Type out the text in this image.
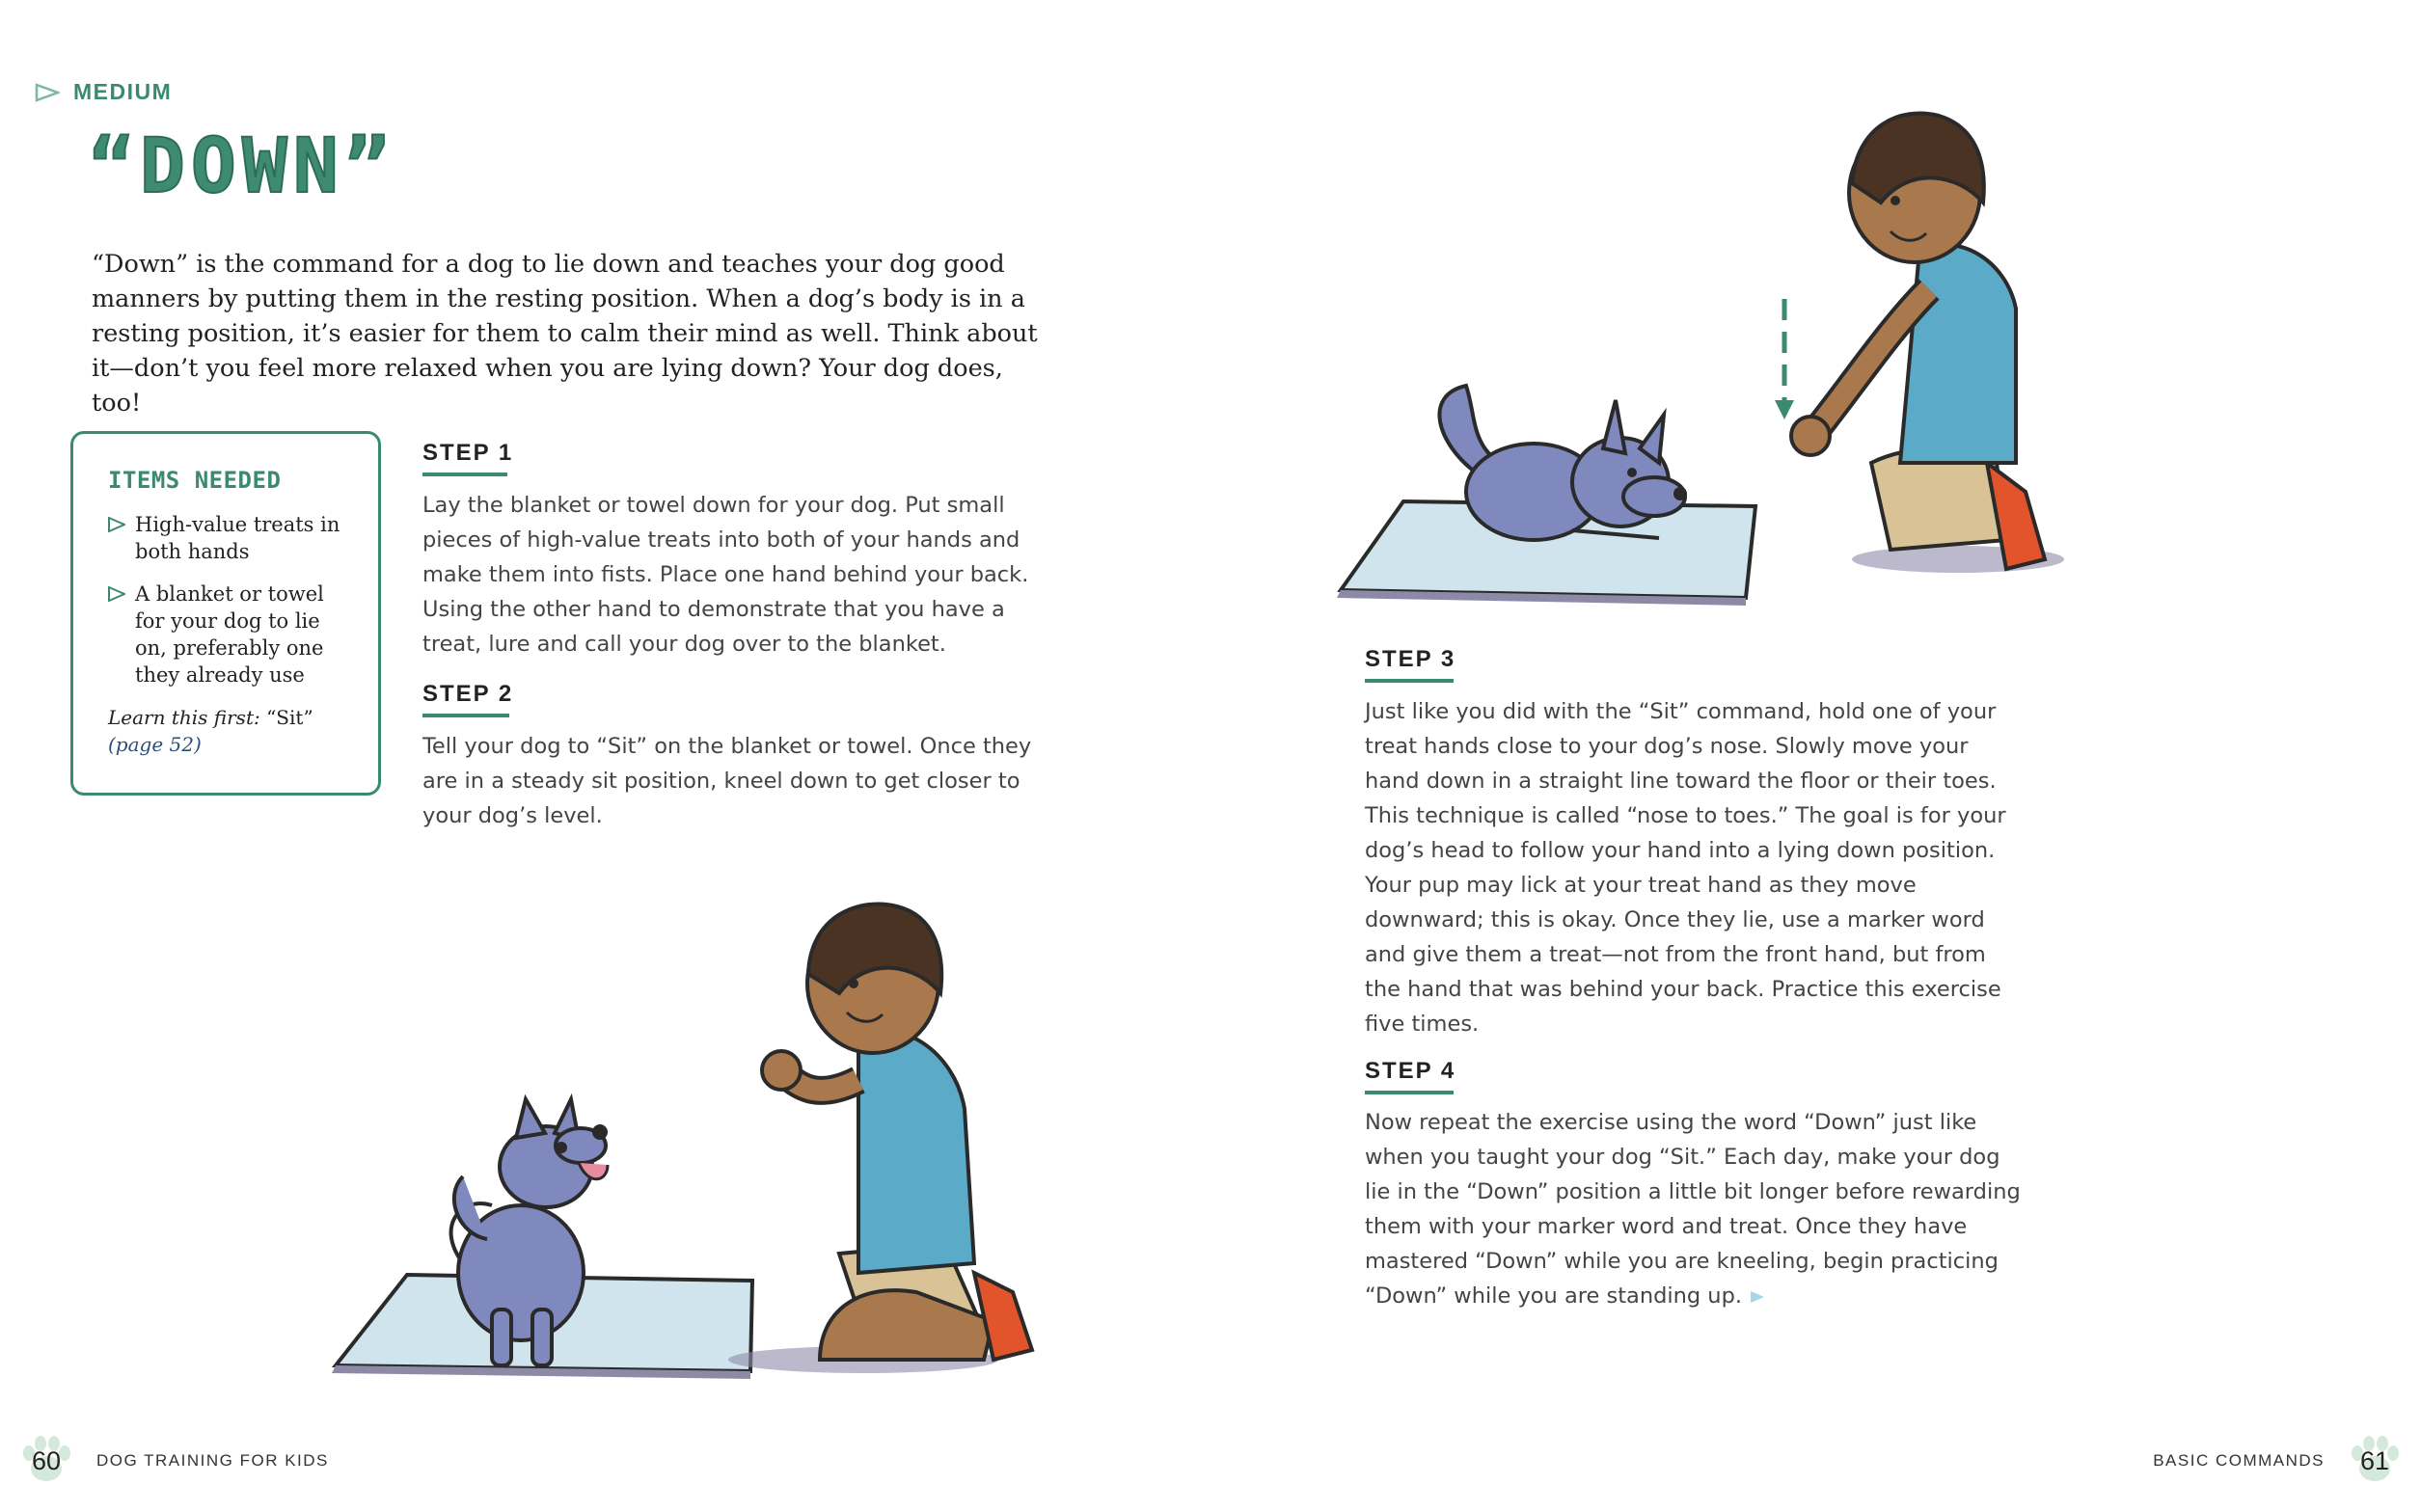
MEDIUM
“DOWN”

“Down” is the command for a dog to lie down and teaches your dog good manners by putting them in the resting position. When a dog’s body is in a resting position, it’s easier for them to calm their mind as well. Think about it—don’t you feel more relaxed when you are lying down? Your dog does, too!

ITEMS NEEDED
High-value treats in both hands
A blanket or towel for your dog to lie on, preferably one they already use
Learn this first: “Sit”
(page 52)
STEP 1

Lay the blanket or towel down for your dog. Put small pieces of high-value treats into both of your hands and make them into fists. Place one hand behind your back. Using the other hand to demonstrate that you have a treat, lure and call your dog over to the blanket.

STEP 2

Tell your dog to “Sit” on the blanket or towel. Once they are in a steady sit position, kneel down to get closer to your dog’s level.

STEP 3

Just like you did with the “Sit” command, hold one of your treat hands close to your dog’s nose. Slowly move your hand down in a straight line toward the floor or their toes. This technique is called “nose to toes.” The goal is for your dog’s head to follow your hand into a lying down position. Your pup may lick at your treat hand as they move downward; this is okay. Once they lie, use a marker word and give them a treat—not from the front hand, but from the hand that was behind your back. Practice this exercise five times.

STEP 4

Now repeat the exercise using the word “Down” just like when you taught your dog “Sit.” Each day, make your dog lie in the “Down” position a little bit longer before rewarding them with your marker word and treat. Once they have mastered “Down” while you are kneeling, begin practicing “Down” while you are standing up.

60 DOG TRAINING FOR KIDS	BASIC COMMANDS 61
